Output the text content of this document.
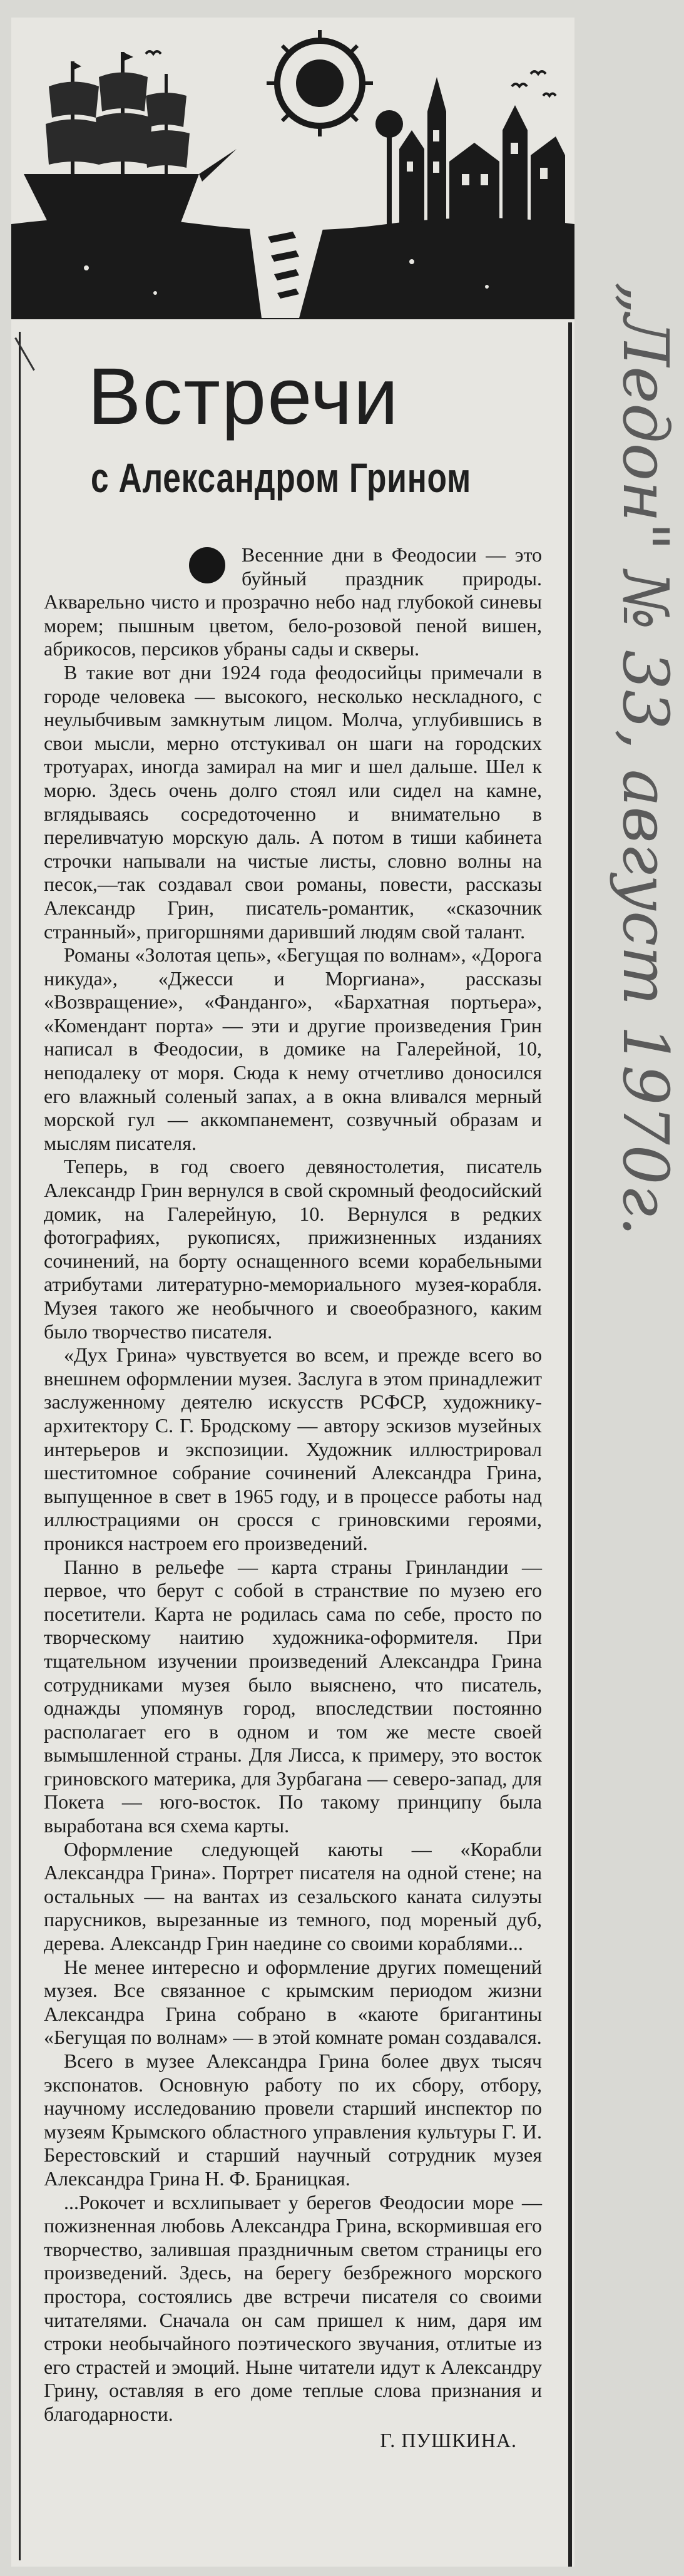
Встречи
с Александром Грином

Весенние дни в Феодосии — это буйный праздник природы. Акварельно чисто и прозрачно небо над глубокой синевы морем; пышным цветом, бело-розовой пеной вишен, абрикосов, персиков убраны сады и скверы.

В такие вот дни 1924 года феодосийцы примечали в городе человека — высокого, несколько нескладного, с неулыбчивым замкнутым лицом. Молча, углубившись в свои мысли, мерно отстукивал он шаги на городских тротуарах, иногда замирал на миг и шел дальше. Шел к морю. Здесь очень долго стоял или сидел на камне, вглядываясь сосредоточенно и внимательно в переливчатую морскую даль. А потом в тиши кабинета строчки напывали на чистые листы, словно волны на песок,—так создавал свои романы, повести, рассказы Александр Грин, писатель-романтик, «сказочник странный», пригоршнями даривший людям свой талант.

Романы «Золотая цепь», «Бегущая по волнам», «Дорога никуда», «Джесси и Моргиана», рассказы «Возвращение», «Фанданго», «Бархатная портьера», «Комендант порта» — эти и другие произведения Грин написал в Феодосии, в домике на Галерейной, 10, неподалеку от моря. Сюда к нему отчетливо доносился его влажный соленый запах, а в окна вливался мерный морской гул — аккомпанемент, созвучный образам и мыслям писателя.

Теперь, в год своего девяностолетия, писатель Александр Грин вернулся в свой скромный феодосийский домик, на Галерейную, 10. Вернулся в редких фотографиях, рукописях, прижизненных изданиях сочинений, на борту оснащенного всеми корабельными атрибутами литературно-мемориального музея-корабля. Музея такого же необычного и своеобразного, каким было творчество писателя.

«Дух Грина» чувствуется во всем, и прежде всего во внешнем оформлении музея. Заслуга в этом принадлежит заслуженному деятелю искусств РСФСР, художнику-архитектору С. Г. Бродскому — автору эскизов музейных интерьеров и экспозиции. Художник иллюстрировал шеститомное собрание сочинений Александра Грина, выпущенное в свет в 1965 году, и в процессе работы над иллюстрациями он сросся с гриновскими героями, проникся настроем его произведений.

Панно в рельефе — карта страны Гринландии — первое, что берут с собой в странствие по музею его посетители. Карта не родилась сама по себе, просто по творческому наитию художника-оформителя. При тщательном изучении произведений Александра Грина сотрудниками музея было выяснено, что писатель, однажды упомянув город, впоследствии постоянно располагает его в одном и том же месте своей вымышленной страны. Для Лисса, к примеру, это восток гриновского материка, для Зурбагана — северо-запад, для Покета — юго-восток. По такому принципу была выработана вся схема карты.

Оформление следующей каюты — «Корабли Александра Грина». Портрет писателя на одной стене; на остальных — на вантах из сезальского каната силуэты парусников, вырезанные из темного, под мореный дуб, дерева. Александр Грин наедине со своими кораблями...

Не менее интересно и оформление других помещений музея. Все связанное с крымским периодом жизни Александра Грина собрано в «каюте бригантины «Бегущая по волнам» — в этой комнате роман создавался.

Всего в музее Александра Грина более двух тысяч экспонатов. Основную работу по их сбору, отбору, научному исследованию провели старший инспектор по музеям Крымского областного управления культуры Г. И. Берестовский и старший научный сотрудник музея Александра Грина Н. Ф. Браницкая.

...Рокочет и всхлипывает у берегов Феодосии море — пожизненная любовь Александра Грина, вскормившая его творчество, залившая праздничным светом страницы его произведений. Здесь, на берегу безбрежного морского простора, состоялись две встречи писателя со своими читателями. Сначала он сам пришел к ним, даря им строки необычайного поэтического звучания, отлитые из его страстей и эмоций. Ныне читатели идут к Александру Грину, оставляя в его доме теплые слова признания и благодарности.

Г. ПУШКИНА.
„Ледон" № 33, август 1970г.
